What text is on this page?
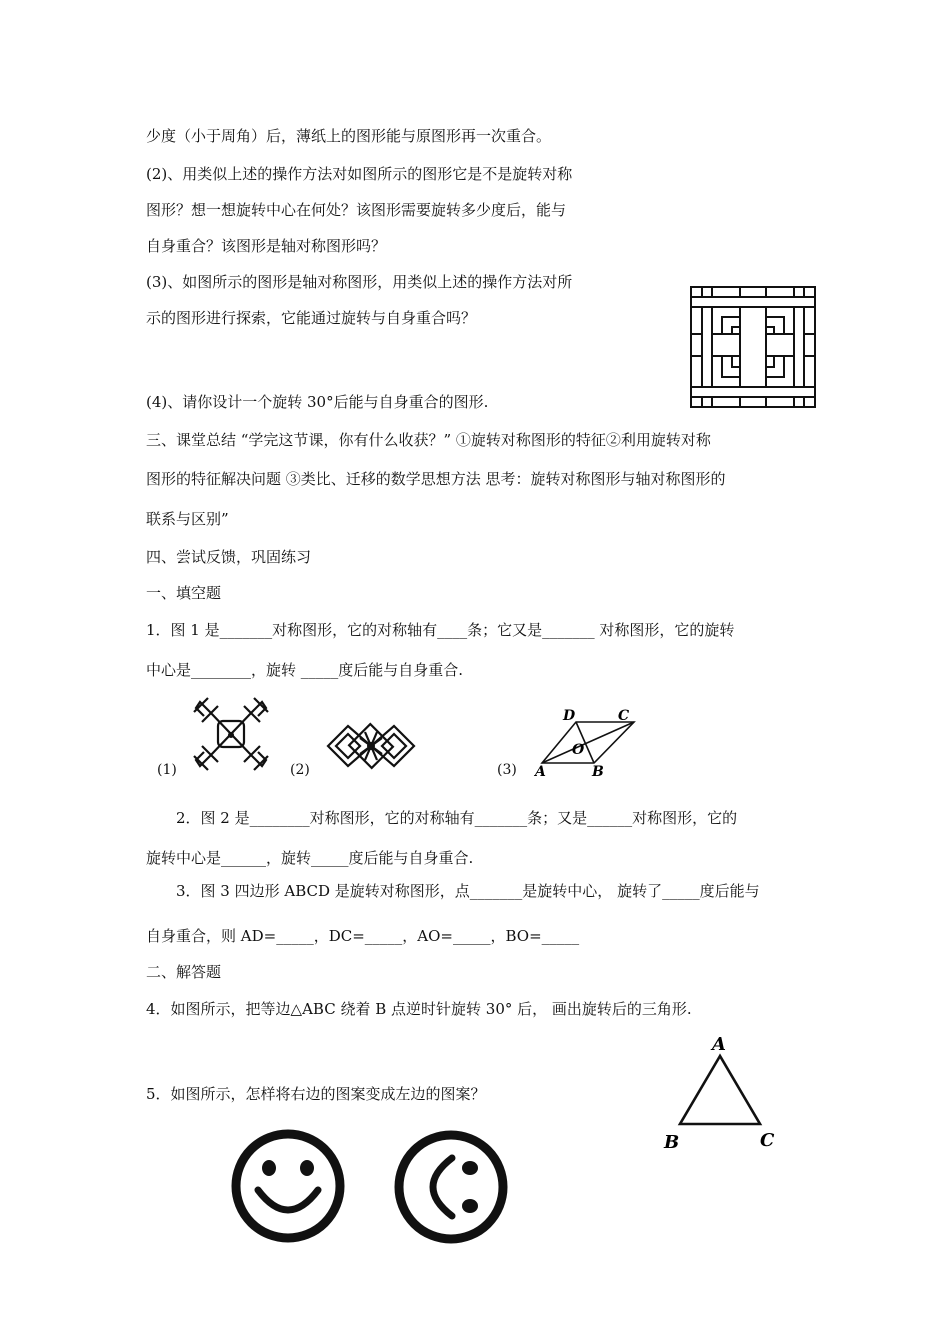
少度（小于周角）后，薄纸上的图形能与原图形再一次重合。
(2)、用类似上述的操作方法对如图所示的图形它是不是旋转对称
图形？想一想旋转中心在何处？该图形需要旋转多少度后，能与
自身重合？该图形是轴对称图形吗？
(3)、如图所示的图形是轴对称图形，用类似上述的操作方法对所
示的图形进行探索，它能通过旋转与自身重合吗？
(4)、请你设计一个旋转 30°后能与自身重合的图形.
三、课堂总结 “学完这节课，你有什么收获？” ①旋转对称图形的特征②利用旋转对称
图形的特征解决问题 ③类比、迁移的数学思想方法 思考：旋转对称图形与轴对称图形的
联系与区别”
四、尝试反馈，巩固练习
一、填空题
1．图 1 是_______对称图形，它的对称轴有____条；它又是_______ 对称图形，它的旋转
中心是________，旋转 _____度后能与自身重合.
2．图 2 是________对称图形，它的对称轴有_______条；又是______对称图形，它的
旋转中心是______，旋转_____度后能与自身重合.
3．图 3 四边形 ABCD 是旋转对称图形，点_______是旋转中心， 旋转了_____度后能与
自身重合，则 AD=_____，DC=_____，AO=_____，BO=_____
二、解答题
4．如图所示，把等边△ABC 绕着 B 点逆时针旋转 30° 后， 画出旋转后的三角形.
5．如图所示，怎样将右边的图案变成左边的图案？
(1)	(2)	A	B
C
D
O
(3)
A
B	C
